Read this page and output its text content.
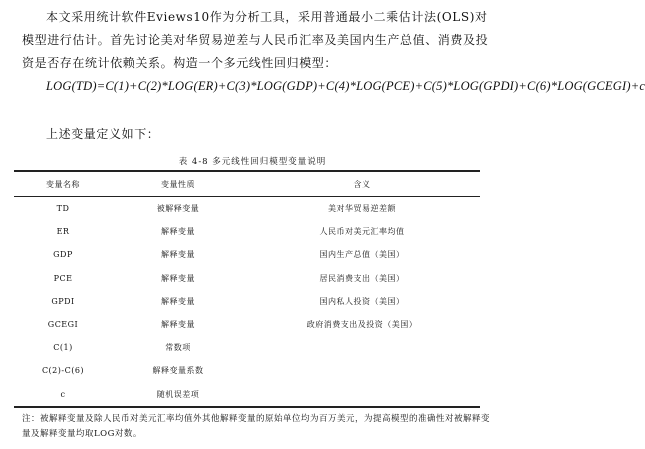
本文采用统计软件Eviews10作为分析工具，采用普通最小二乘估计法(OLS)对模型进行估计。首先讨论美对华贸易逆差与人民币汇率及美国内生产总值、消费及投资是否存在统计依赖关系。构造一个多元线性回归模型：

LOG(TD)=C(1)+C(2)*LOG(ER)+C(3)*LOG(GDP)+C(4)*LOG(PCE)+C(5)*LOG(GPDI)+C(6)*LOG(GCEGI)+c

上述变量定义如下：

表 4-8 多元线性回归模型变量说明

变量名称	变量性质	含义
TD	被解释变量	美对华贸易逆差额
ER	解释变量	人民币对美元汇率均值
GDP	解释变量	国内生产总值（美国）
PCE	解释变量	居民消费支出（美国）
GPDI	解释变量	国内私人投资（美国）
GCEGI	解释变量	政府消费支出及投资（美国）
C(1)	常数项	
C(2)-C(6)	解释变量系数	
c	随机误差项	

注：被解释变量及除人民币对美元汇率均值外其他解释变量的原始单位均为百万美元，为提高模型的准确性对被解释变量及解释变量均取LOG对数。
